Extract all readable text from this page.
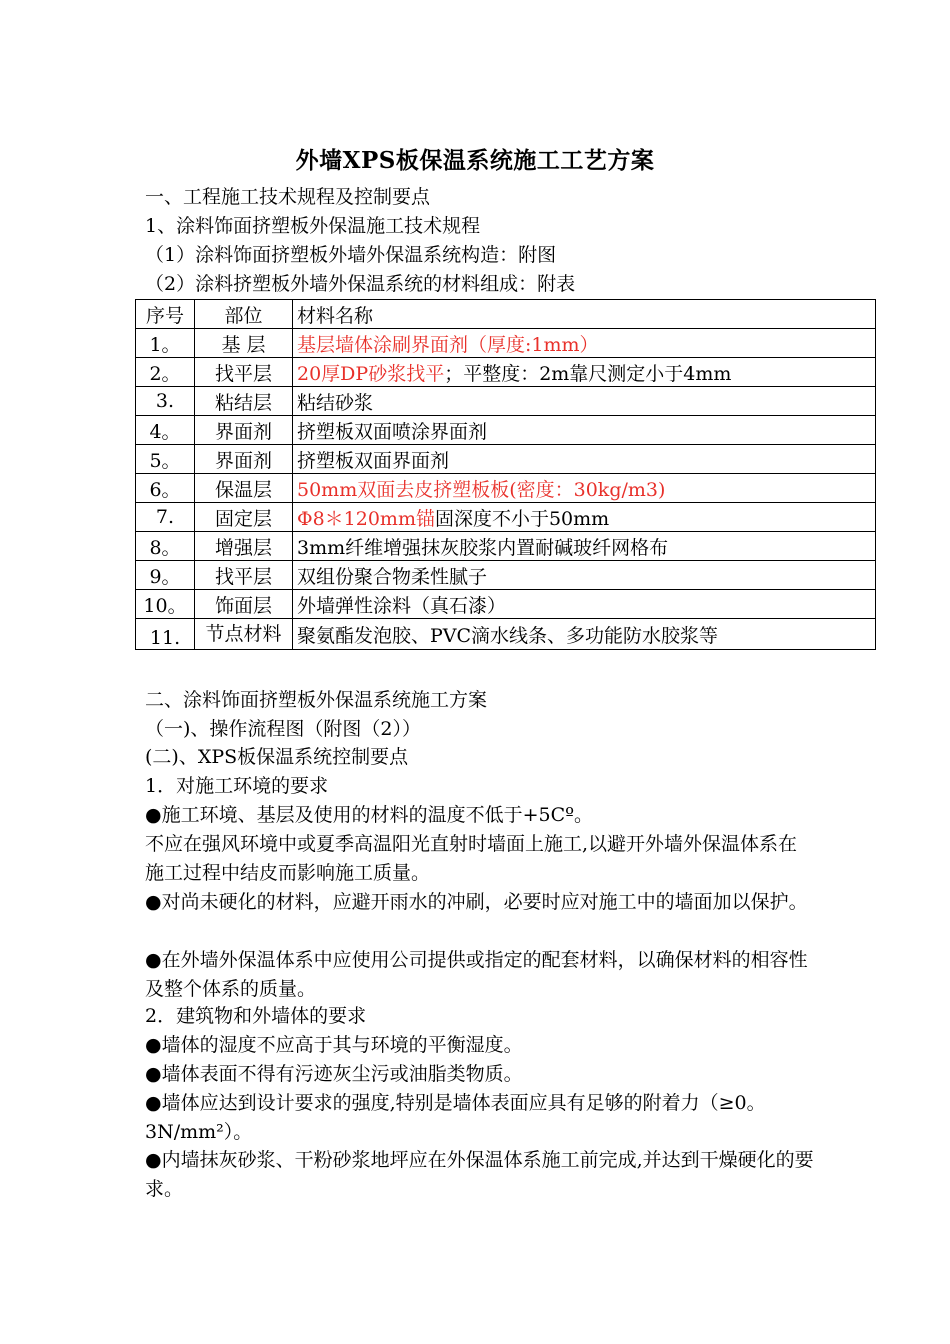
外墙XPS板保温系统施工工艺方案
一、工程施工技术规程及控制要点
1、涂料饰面挤塑板外保温施工技术规程
（1）涂料饰面挤塑板外墙外保温系统构造：附图
（2）涂料挤塑板外墙外保温系统的材料组成：附表
序号	部位	材料名称
1。	基 层	基层墙体涂刷界面剂（厚度:1mm）
2。	找平层	20厚DP砂浆找平；平整度：2m靠尺测定小于4mm
3.	粘结层	粘结砂浆
4。	界面剂	挤塑板双面喷涂界面剂
5。	界面剂	挤塑板双面界面剂
6。	保温层	50mm双面去皮挤塑板板(密度：30kg/m3)
7.	固定层	Φ8＊120mm锚固深度不小于50mm
8。	增强层	3mm纤维增强抹灰胶浆内置耐碱玻纤网格布
9。	找平层	双组份聚合物柔性腻子
10。	饰面层	外墙弹性涂料（真石漆）
11.	节点材料	聚氨酯发泡胶、PVC滴水线条、多功能防水胶浆等
二、涂料饰面挤塑板外保温系统施工方案
（一)、操作流程图（附图（2））
(二)、XPS板保温系统控制要点
1．对施工环境的要求
●施工环境、基层及使用的材料的温度不低于+5Cº。
不应在强风环境中或夏季高温阳光直射时墙面上施工,以避开外墙外保温体系在施工过程中结皮而影响施工质量。
●对尚未硬化的材料，应避开雨水的冲刷，必要时应对施工中的墙面加以保护。
●在外墙外保温体系中应使用公司提供或指定的配套材料，以确保材料的相容性及整个体系的质量。
2．建筑物和外墙体的要求
●墙体的湿度不应高于其与环境的平衡湿度。
●墙体表面不得有污迹灰尘污或油脂类物质。
●墙体应达到设计要求的强度,特别是墙体表面应具有足够的附着力（≥0。3N/mm²）。
●内墙抹灰砂浆、干粉砂浆地坪应在外保温体系施工前完成,并达到干燥硬化的要求。
